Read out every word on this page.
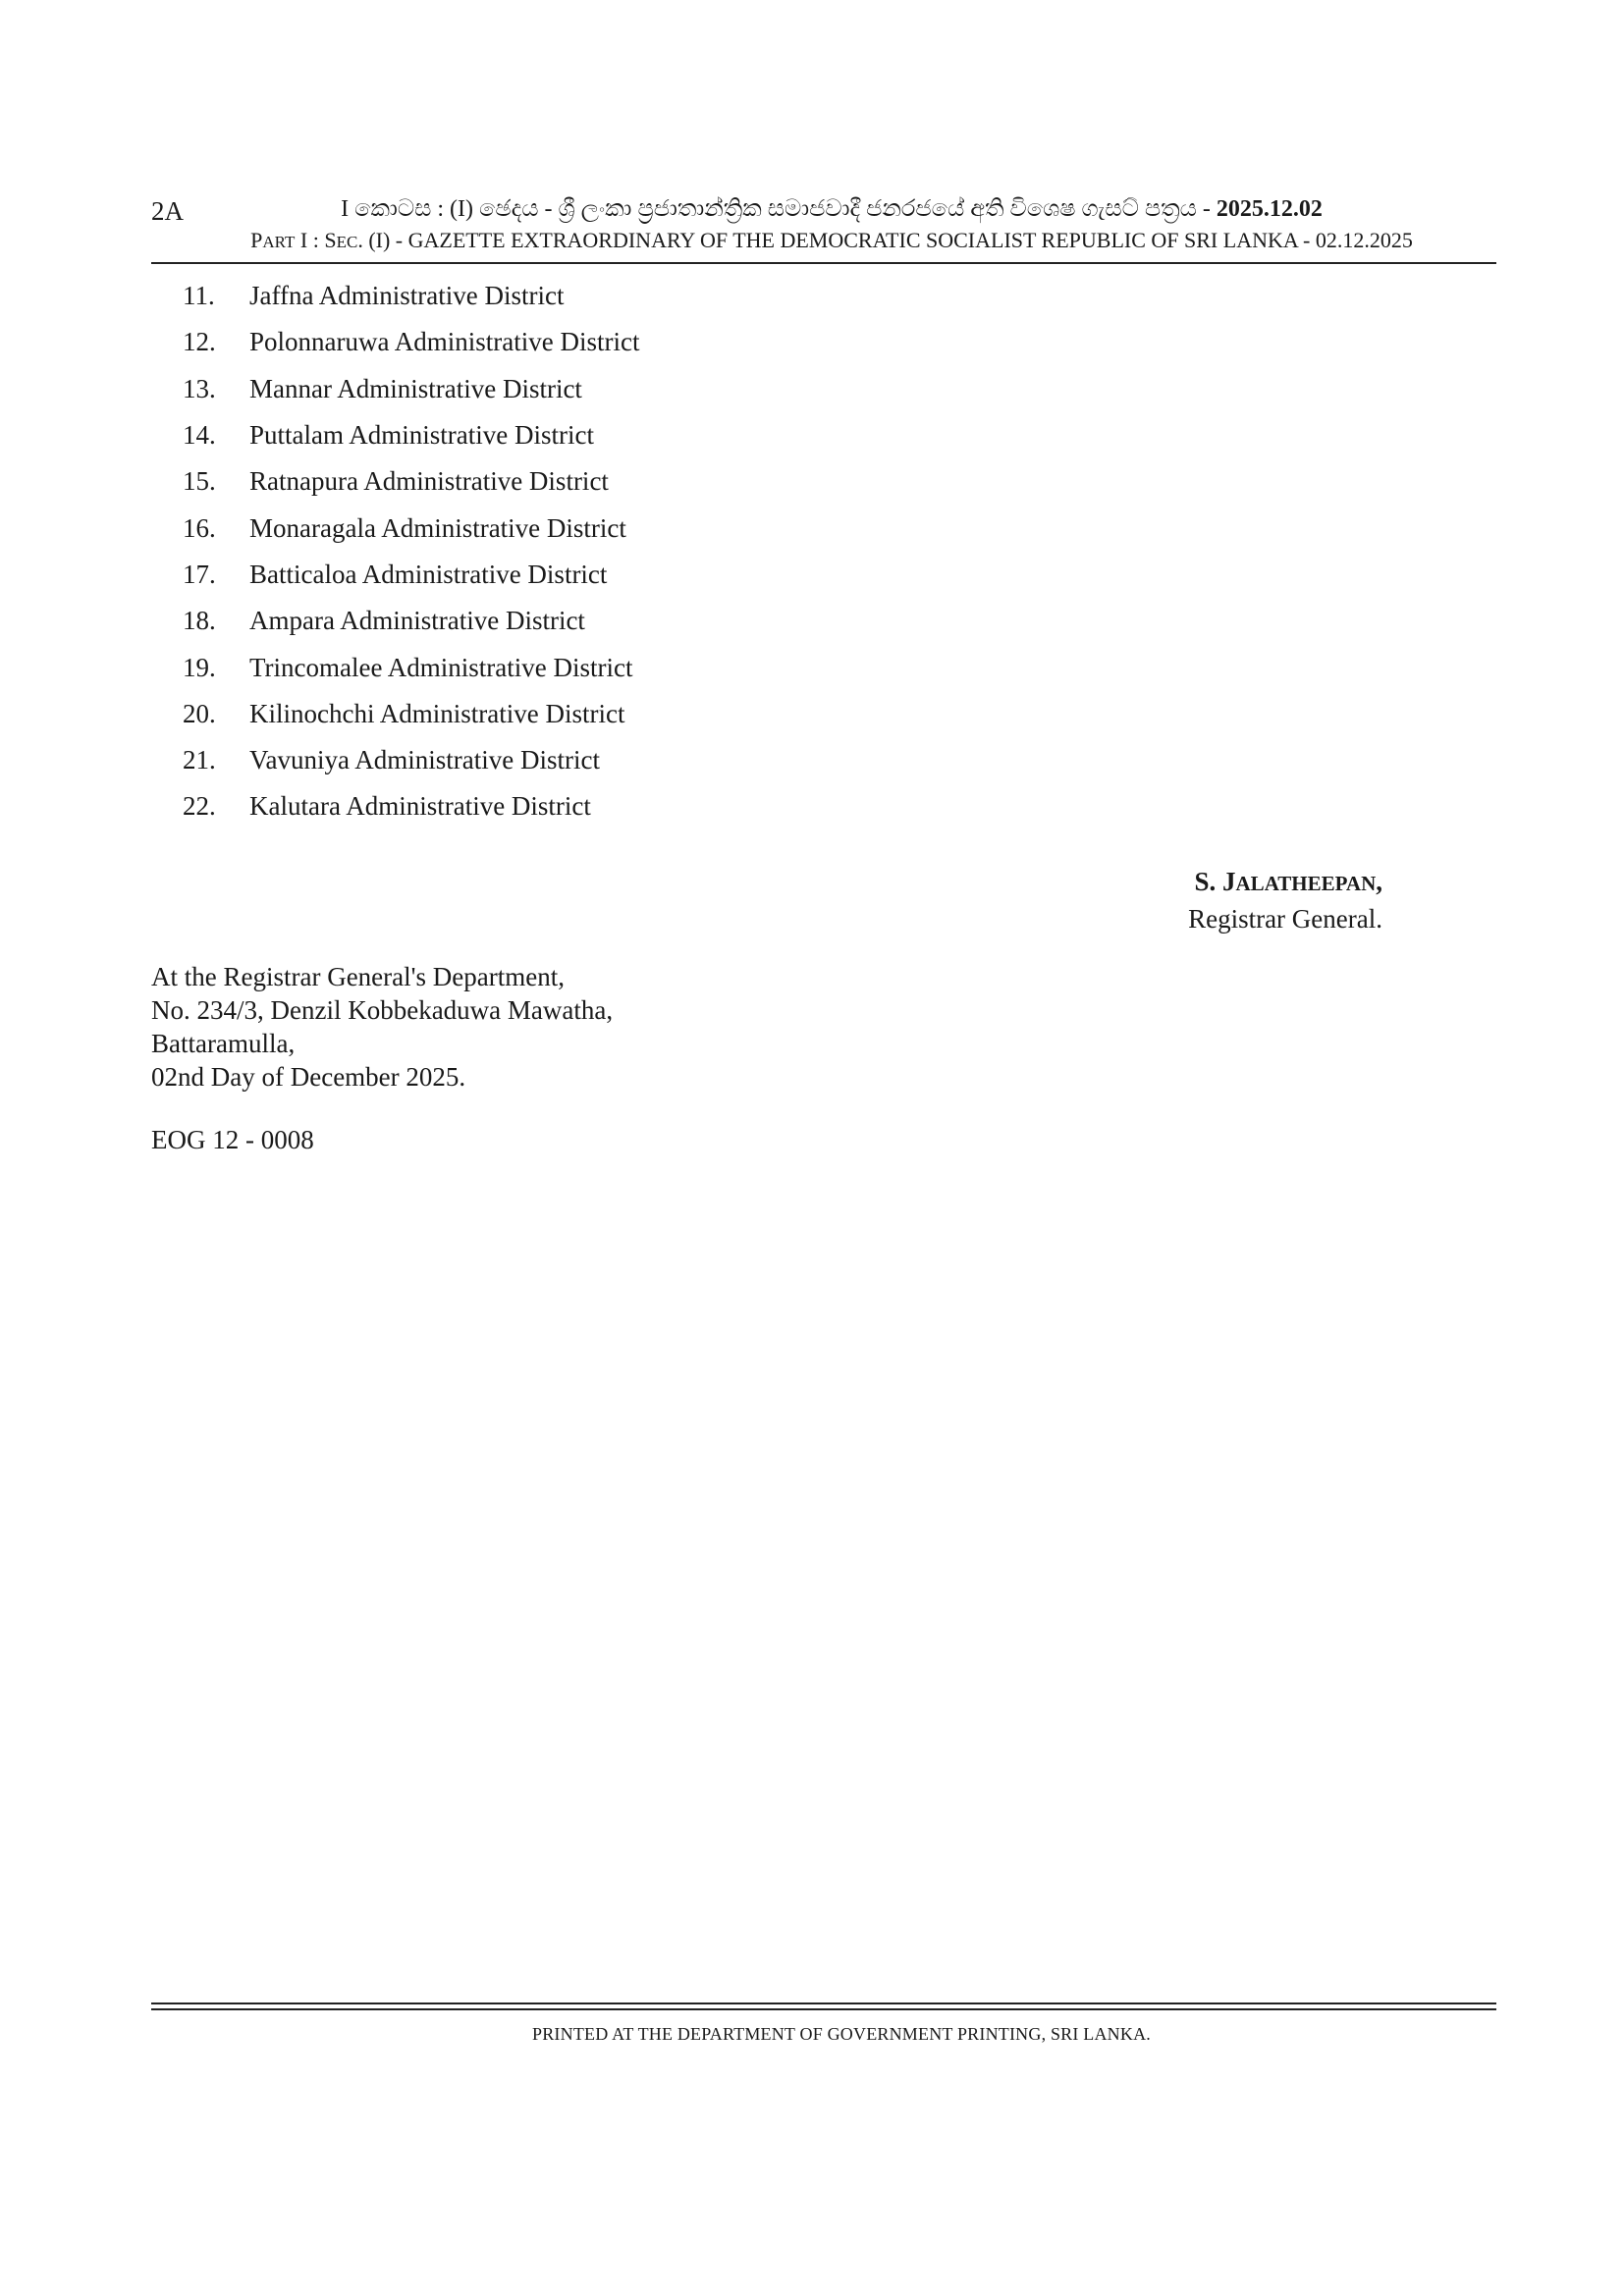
2A	I කොටස : (I) ඡෙදය - ශ්‍රී ලංකා ප්‍රජාතාන්ත්‍රික සමාජවාදී ජනරජයේ අති විශෙෂ ගැසට් පත්‍රය - 2025.12.02
PART I : SEC. (I) - GAZETTE EXTRAORDINARY OF THE DEMOCRATIC SOCIALIST REPUBLIC OF SRI LANKA - 02.12.2025
11.	Jaffna Administrative District
12.	Polonnaruwa Administrative District
13.	Mannar Administrative District
14.	Puttalam Administrative District
15.	Ratnapura Administrative District
16.	Monaragala Administrative District
17.	Batticaloa Administrative District
18.	Ampara Administrative District
19.	Trincomalee Administrative District
20.	Kilinochchi Administrative District
21.	Vavuniya Administrative District
22.	Kalutara Administrative District
S. JALATHEEPAN,
Registrar General.
At the Registrar General's Department,
No. 234/3, Denzil Kobbekaduwa Mawatha,
Battaramulla,
02nd Day of December 2025.
EOG 12 - 0008
PRINTED AT THE DEPARTMENT OF GOVERNMENT PRINTING, SRI LANKA.
